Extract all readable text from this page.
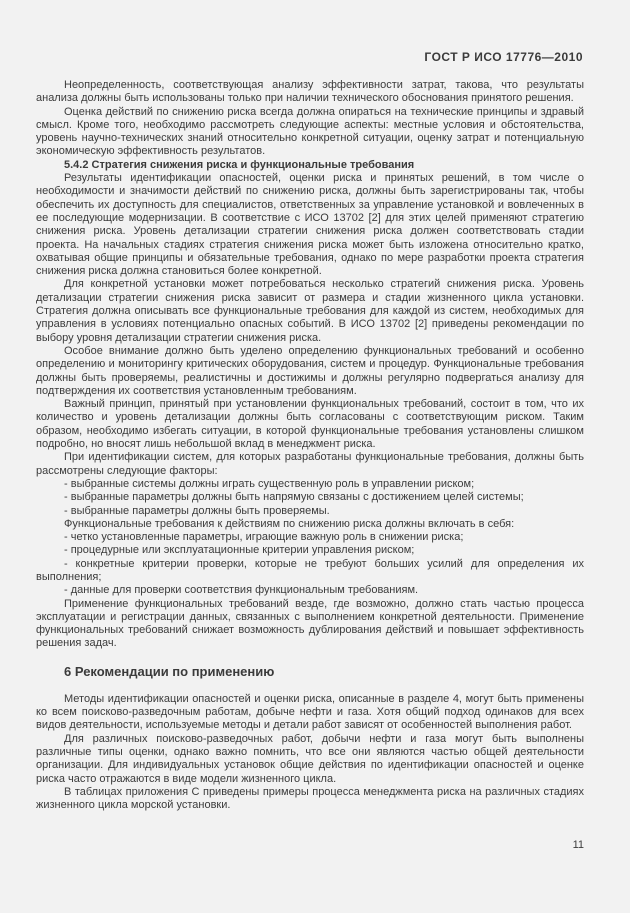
ГОСТ Р ИСО 17776—2010

Неопределенность, соответствующая анализу эффективности затрат, такова, что результаты анализа должны быть использованы только при наличии технического обоснования принятого решения.

Оценка действий по снижению риска всегда должна опираться на технические принципы и здравый смысл. Кроме того, необходимо рассмотреть следующие аспекты: местные условия и обстоятельства, уровень научно-технических знаний относительно конкретной ситуации, оценку затрат и потенциальную экономическую эффективность результатов.

5.4.2 Стратегия снижения риска и функциональные требования

Результаты идентификации опасностей, оценки риска и принятых решений, в том числе о необходимости и значимости действий по снижению риска, должны быть зарегистрированы так, чтобы обеспечить их доступность для специалистов, ответственных за управление установкой и вовлеченных в ее последующие модернизации. В соответствие с ИСО 13702 [2] для этих целей применяют стратегию снижения риска. Уровень детализации стратегии снижения риска должен соответствовать стадии проекта. На начальных стадиях стратегия снижения риска может быть изложена относительно кратко, охватывая общие принципы и обязательные требования, однако по мере разработки проекта стратегия снижения риска должна становиться более конкретной.

Для конкретной установки может потребоваться несколько стратегий снижения риска. Уровень детализации стратегии снижения риска зависит от размера и стадии жизненного цикла установки. Стратегия должна описывать все функциональные требования для каждой из систем, необходимых для управления в условиях потенциально опасных событий. В ИСО 13702 [2] приведены рекомендации по выбору уровня детализации стратегии снижения риска.

Особое внимание должно быть уделено определению функциональных требований и особенно определению и мониторингу критических оборудования, систем и процедур. Функциональные требования должны быть проверяемы, реалистичны и достижимы и должны регулярно подвергаться анализу для подтверждения их соответствия установленным требованиям.

Важный принцип, принятый при установлении функциональных требований, состоит в том, что их количество и уровень детализации должны быть согласованы с соответствующим риском. Таким образом, необходимо избегать ситуации, в которой функциональные требования установлены слишком подробно, но вносят лишь небольшой вклад в менеджмент риска.

При идентификации систем, для которых разработаны функциональные требования, должны быть рассмотрены следующие факторы:

- выбранные системы должны играть существенную роль в управлении риском;

- выбранные параметры должны быть напрямую связаны с достижением целей системы;

- выбранные параметры должны быть проверяемы.

Функциональные требования к действиям по снижению риска должны включать в себя:

- четко установленные параметры, играющие важную роль в снижении риска;

- процедурные или эксплуатационные критерии управления риском;

- конкретные критерии проверки, которые не требуют больших усилий для определения их выполнения;

- данные для проверки соответствия функциональным требованиям.

Применение функциональных требований везде, где возможно, должно стать частью процесса эксплуатации и регистрации данных, связанных с выполнением конкретной деятельности. Применение функциональных требований снижает возможность дублирования действий и повышает эффективность решения задач.

6 Рекомендации по применению

Методы идентификации опасностей и оценки риска, описанные в разделе 4, могут быть применены ко всем поисково-разведочным работам, добыче нефти и газа. Хотя общий подход одинаков для всех видов деятельности, используемые методы и детали работ зависят от особенностей выполнения работ.

Для различных поисково-разведочных работ, добычи нефти и газа могут быть выполнены различные типы оценки, однако важно помнить, что все они являются частью общей деятельности организации. Для индивидуальных установок общие действия по идентификации опасностей и оценке риска часто отражаются в виде модели жизненного цикла.

В таблицах приложения С приведены примеры процесса менеджмента риска на различных стадиях жизненного цикла морской установки.

11
